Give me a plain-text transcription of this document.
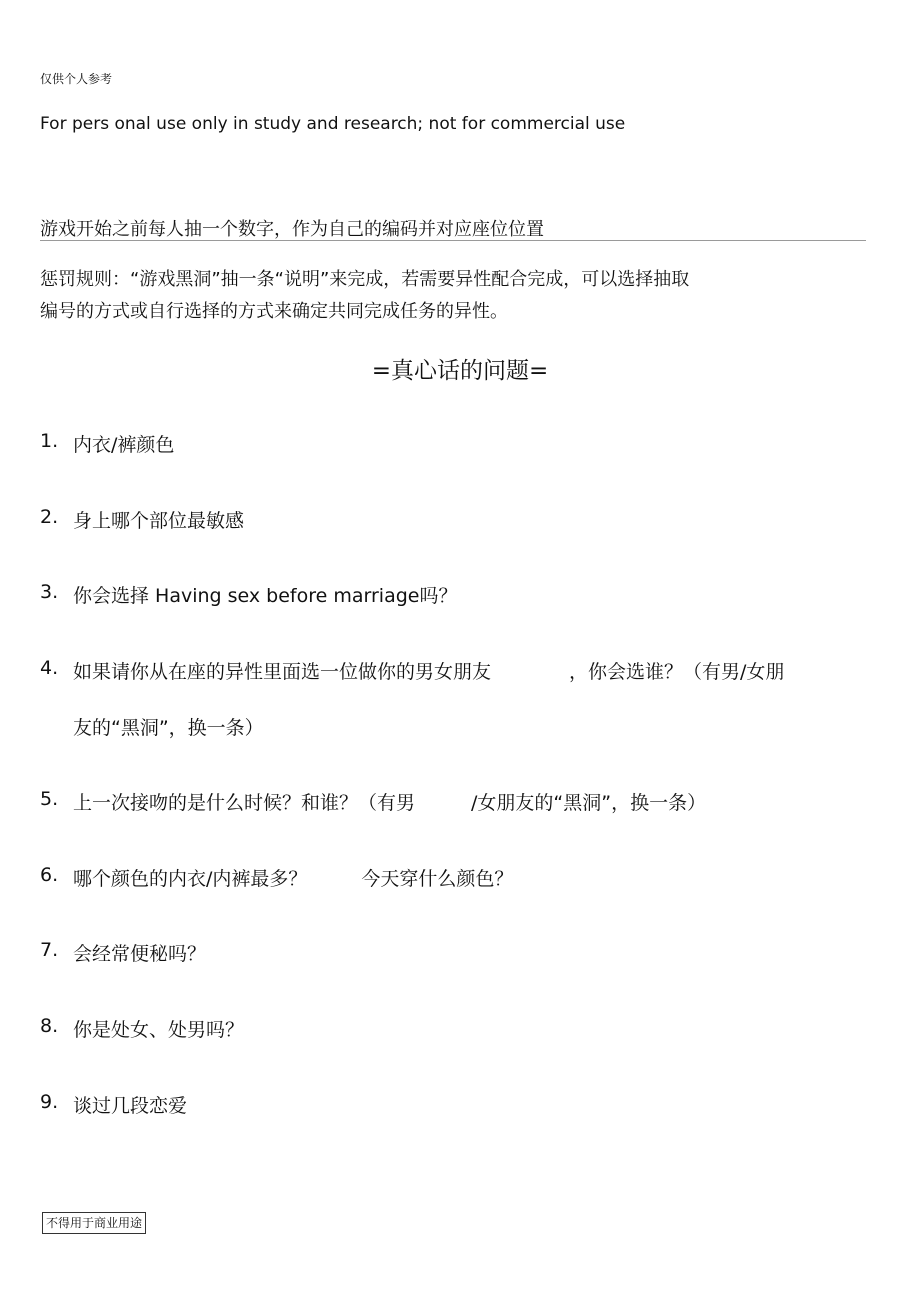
仅供个人参考
For pers onal use only in study and research; not for commercial use
游戏开始之前每人抽一个数字，作为自己的编码并对应座位位置
惩罚规则：“游戏黑洞”抽一条“说明”来完成，若需要异性配合完成，可以选择抽取
编号的方式或自行选择的方式来确定共同完成任务的异性。
=真心话的问题=
1. 内衣/裤颜色
2. 身上哪个部位最敏感
3. 你会选择 Having sex before marriage吗？
4. 如果请你从在座的异性里面选一位做你的男女朋友	，你会选谁？（有男/女朋
友的“黑洞”，换一条）
5. 上一次接吻的是什么时候？和谁？（有男	/女朋友的“黑洞”，换一条）
6. 哪个颜色的内衣/内裤最多？	今天穿什么颜色？
7. 会经常便秘吗？
8. 你是处女、处男吗？
9. 谈过几段恋爱
不得用于商业用途
